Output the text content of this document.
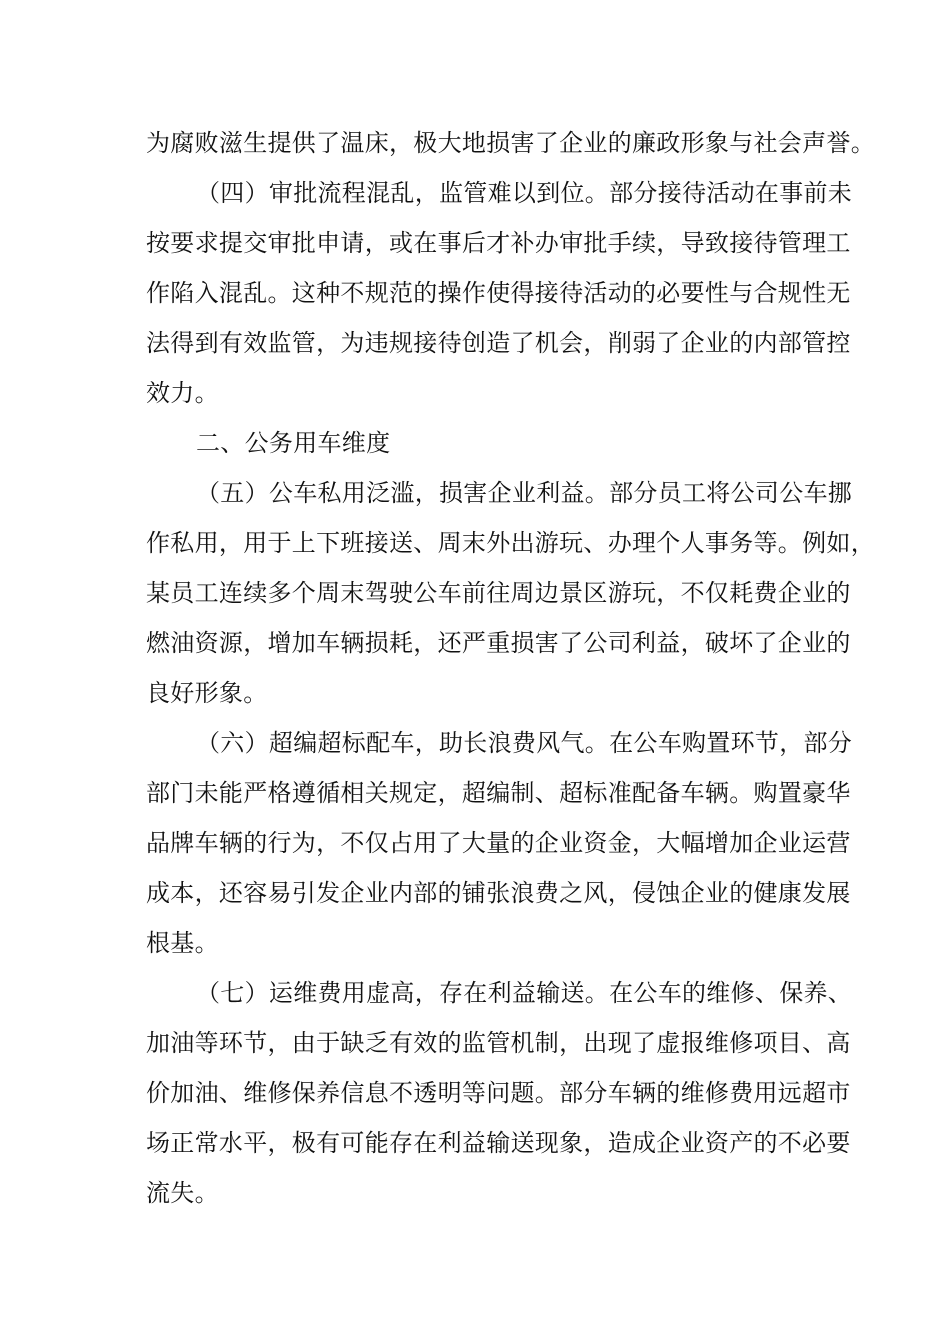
为腐败滋生提供了温床，极大地损害了企业的廉政形象与社会声誉。
（四）审批流程混乱，监管难以到位。部分接待活动在事前未
按要求提交审批申请，或在事后才补办审批手续，导致接待管理工
作陷入混乱。这种不规范的操作使得接待活动的必要性与合规性无
法得到有效监管，为违规接待创造了机会，削弱了企业的内部管控
效力。
二、公务用车维度
（五）公车私用泛滥，损害企业利益。部分员工将公司公车挪
作私用，用于上下班接送、周末外出游玩、办理个人事务等。例如，
某员工连续多个周末驾驶公车前往周边景区游玩，不仅耗费企业的
燃油资源，增加车辆损耗，还严重损害了公司利益，破坏了企业的
良好形象。
（六）超编超标配车，助长浪费风气。在公车购置环节，部分
部门未能严格遵循相关规定，超编制、超标准配备车辆。购置豪华
品牌车辆的行为，不仅占用了大量的企业资金，大幅增加企业运营
成本，还容易引发企业内部的铺张浪费之风，侵蚀企业的健康发展
根基。
（七）运维费用虚高，存在利益输送。在公车的维修、保养、
加油等环节，由于缺乏有效的监管机制，出现了虚报维修项目、高
价加油、维修保养信息不透明等问题。部分车辆的维修费用远超市
场正常水平，极有可能存在利益输送现象，造成企业资产的不必要
流失。
